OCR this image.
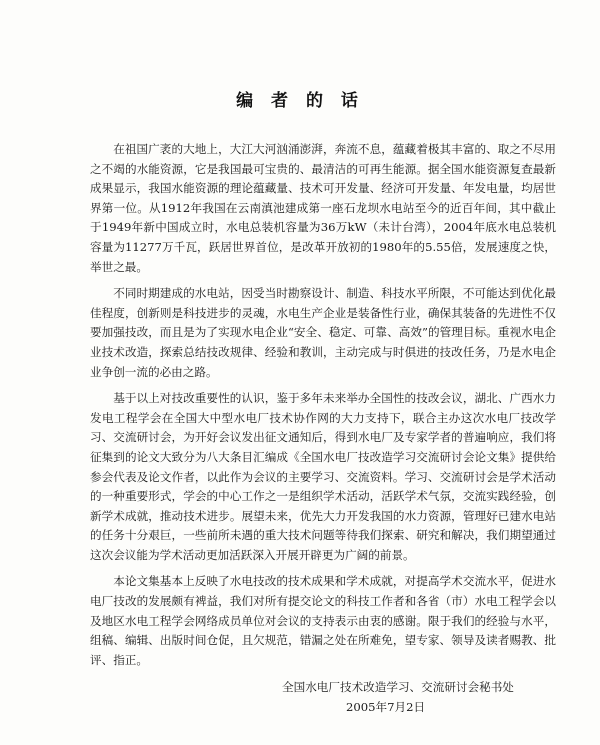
编 者 的 话

在祖国广袤的大地上，大江大河汹涌澎湃，奔流不息，蕴藏着极其丰富的、取之不尽用之不竭的水能资源，它是我国最可宝贵的、最清洁的可再生能源。据全国水能资源复查最新成果显示，我国水能资源的理论蕴藏量、技术可开发量、经济可开发量、年发电量，均居世界第一位。从1912年我国在云南滇池建成第一座石龙坝水电站至今的近百年间，其中截止于1949年新中国成立时，水电总装机容量为36万kW（未计台湾），2004年底水电总装机容量为11277万千瓦，跃居世界首位，是改革开放初的1980年的5.55倍，发展速度之快，举世之最。

不同时期建成的水电站，因受当时勘察设计、制造、科技水平所限，不可能达到优化最佳程度，创新则是科技进步的灵魂，水电生产企业是装备性行业，确保其装备的先进性不仅要加强技改，而且是为了实现水电企业“安全、稳定、可靠、高效”的管理目标。重视水电企业技术改造，探索总结技改规律、经验和教训，主动完成与时俱进的技改任务，乃是水电企业争创一流的必由之路。

基于以上对技改重要性的认识，鉴于多年未来举办全国性的技改会议，湖北、广西水力发电工程学会在全国大中型水电厂技术协作网的大力支持下，联合主办这次水电厂技改学习、交流研讨会，为开好会议发出征文通知后，得到水电厂及专家学者的普遍响应，我们将征集到的论文大致分为八大条目汇编成《全国水电厂技改造学习交流研讨会论文集》提供给参会代表及论文作者，以此作为会议的主要学习、交流资料。学习、交流研讨会是学术活动的一种重要形式，学会的中心工作之一是组织学术活动，活跃学术气氛，交流实践经验，创新学术成就，推动技术进步。展望未来，优先大力开发我国的水力资源，管理好已建水电站的任务十分艰巨，一些前所未遇的重大技术问题等待我们探索、研究和解决，我们期望通过这次会议能为学术活动更加活跃深入开展开辟更为广阔的前景。

本论文集基本上反映了水电技改的技术成果和学术成就，对提高学术交流水平，促进水电厂技改的发展颇有裨益，我们对所有提交论文的科技工作者和各省（市）水电工程学会以及地区水电工程学会网络成员单位对会议的支持表示由衷的感谢。限于我们的经验与水平，组稿、编辑、出版时间仓促，且欠规范，错漏之处在所难免，望专家、领导及读者赐教、批评、指正。

全国水电厂技术改造学习、交流研讨会秘书处
2005年7月2日
